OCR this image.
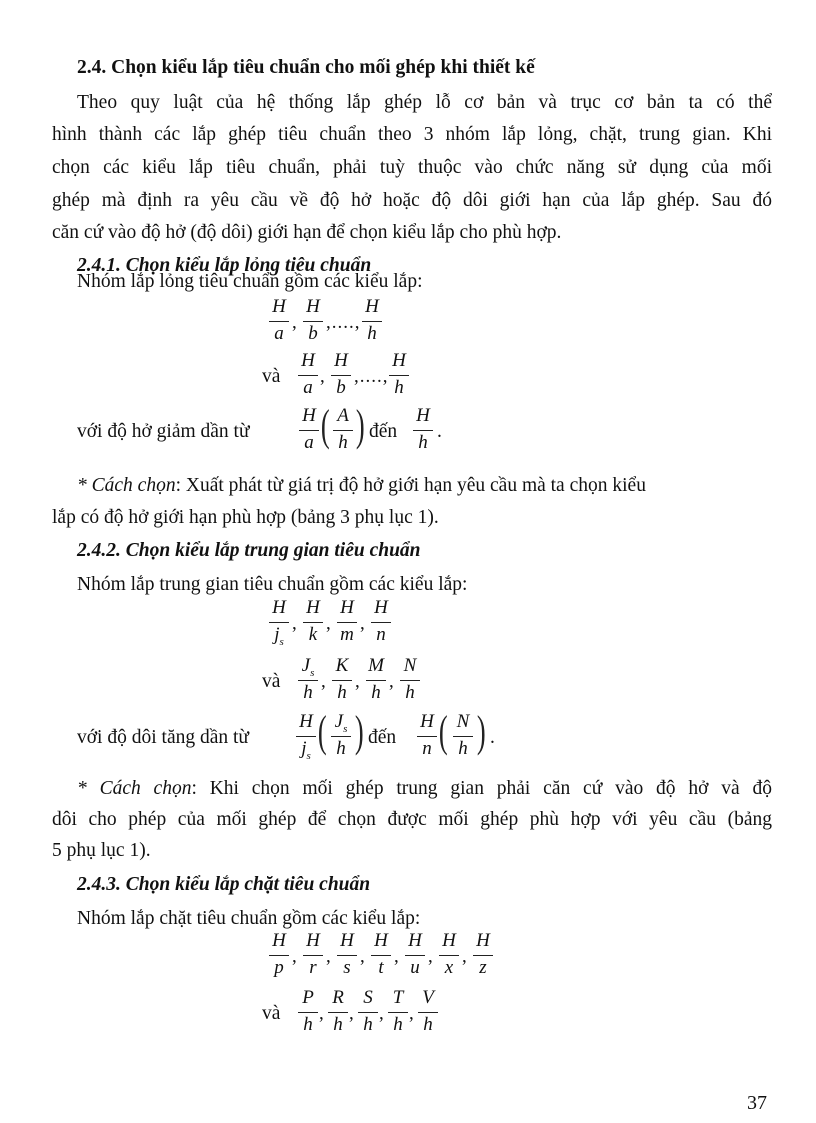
2.4. Chọn kiểu lắp tiêu chuẩn cho mối ghép khi thiết kế
Theo quy luật của hệ thống lắp ghép lỗ cơ bản và trục cơ bản ta có thể
hình thành các lắp ghép tiêu chuẩn theo 3 nhóm lắp lỏng, chặt, trung gian. Khi
chọn các kiểu lắp tiêu chuẩn, phải tuỳ thuộc vào chức năng sử dụng của mối
ghép mà định ra yêu cầu về độ hở hoặc độ dôi giới hạn của lắp ghép. Sau đó
căn cứ vào độ hở (độ dôi) giới hạn để chọn kiểu lắp cho phù hợp.
2.4.1. Chọn kiểu lắp lỏng tiêu chuẩn
Nhóm lắp lỏng tiêu chuẩn gồm các kiểu lắp:
H
a
,
H
b
,....,
H
h
và
H
a
,
H
b
,....,
H
h
với độ hở giảm dần từ
H
a ( A
h ) đến
H
h
.
* Cách chọn: Xuất phát từ giá trị độ hở giới hạn yêu cầu mà ta chọn kiểu
lắp có độ hở giới hạn phù hợp (bảng 3 phụ lục 1).
2.4.2. Chọn kiểu lắp trung gian tiêu chuẩn
Nhóm lắp trung gian tiêu chuẩn gồm các kiểu lắp:
H
$j_s$
,
H
k
,
H
m
,
H
n
và
$J_s$
h
,
K
h
,
M
h
,
N
h
với độ dôi tăng dần từ
H
$j_s$ ( $J_s$
h ) đến
H
n ( N
h ) .
* Cách chọn: Khi chọn mối ghép trung gian phải căn cứ vào độ hở và độ
dôi cho phép của mối ghép để chọn được mối ghép phù hợp với yêu cầu (bảng
5 phụ lục 1).
2.4.3. Chọn kiểu lắp chặt tiêu chuẩn
Nhóm lắp chặt tiêu chuẩn gồm các kiểu lắp:
H
p
,
H
r
,
H
s
,
H
t
,
H
u
,
H
x
,
H
z
và
P
h
,
R
h
,
S
h
,
T
h
,
V
h
37
